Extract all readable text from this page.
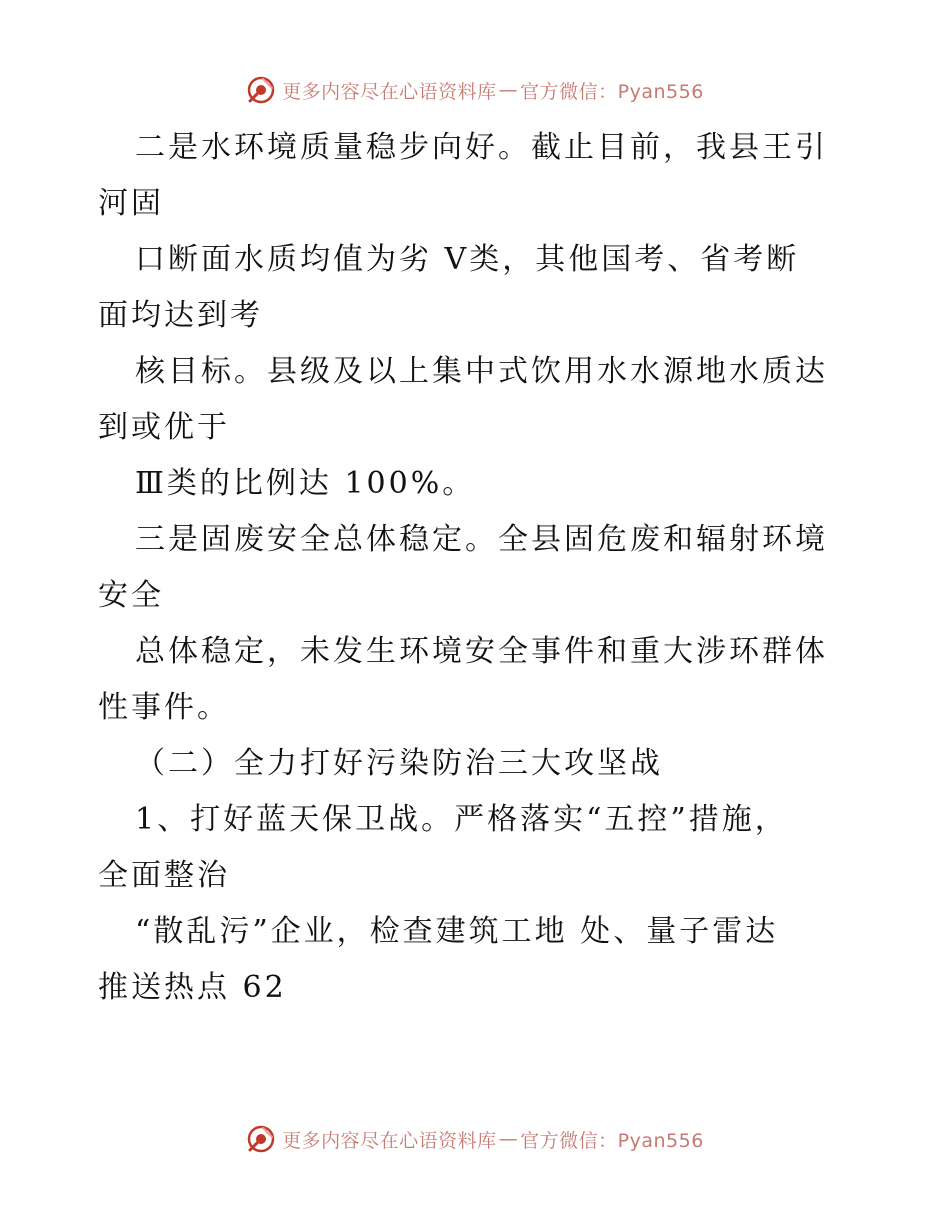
更多内容尽在心语资料库 — 官方微信：Pyan556

二是水环境质量稳步向好。截止目前，我县王引

河固

口断面水质均值为劣 V类，其他国考、省考断

面均达到考

核目标。县级及以上集中式饮用水水源地水质达

到或优于

Ⅲ类的比例达 100%。

三是固废安全总体稳定。全县固危废和辐射环境

安全

总体稳定，未发生环境安全事件和重大涉环群体

性事件。

（二）全力打好污染防治三大攻坚战

1、打好蓝天保卫战。严格落实“五控”措施，

全面整治

“散乱污”企业，检查建筑工地 处、量子雷达

推送热点 62

更多内容尽在心语资料库 — 官方微信：Pyan556
